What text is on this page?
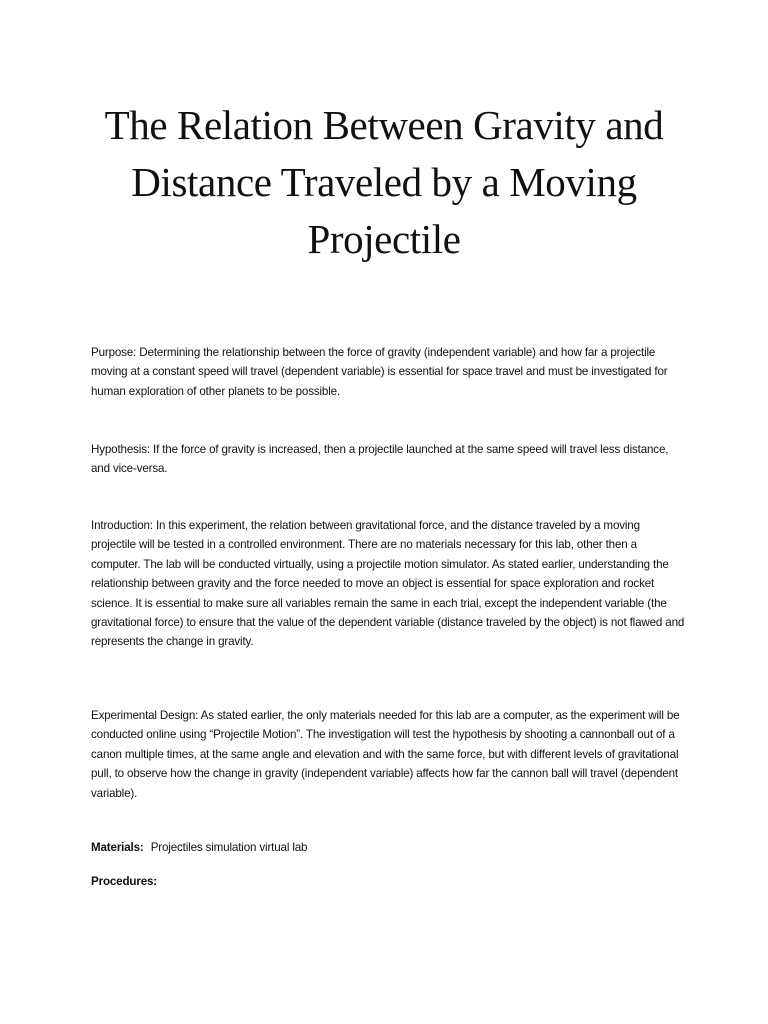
The Relation Between Gravity and Distance Traveled by a Moving Projectile

Purpose: Determining the relationship between the force of gravity (independent variable) and how far a projectile moving at a constant speed will travel (dependent variable) is essential for space travel and must be investigated for human exploration of other planets to be possible.

Hypothesis: If the force of gravity is increased, then a projectile launched at the same speed will travel less distance, and vice-versa.

Introduction: In this experiment, the relation between gravitational force, and the distance traveled by a moving projectile will be tested in a controlled environment. There are no materials necessary for this lab, other then a computer. The lab will be conducted virtually, using a projectile motion simulator. As stated earlier, understanding the relationship between gravity and the force needed to move an object is essential for space exploration and rocket science. It is essential to make sure all variables remain the same in each trial, except the independent variable (the gravitational force) to ensure that the value of the dependent variable (distance traveled by the object) is not flawed and represents the change in gravity.

Experimental Design: As stated earlier, the only materials needed for this lab are a computer, as the experiment will be conducted online using “Projectile Motion”. The investigation will test the hypothesis by shooting a cannonball out of a canon multiple times, at the same angle and elevation and with the same force, but with different levels of gravitational pull, to observe how the change in gravity (independent variable) affects how far the cannon ball will travel (dependent variable).

Materials: Projectiles simulation virtual lab

Procedures:
